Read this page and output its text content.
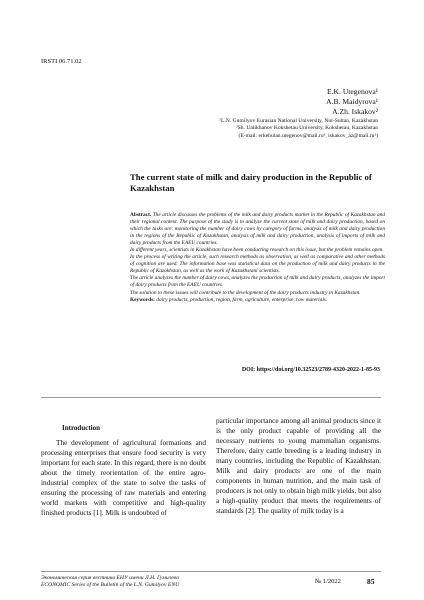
IRSTI 06.71.02
E.K. Utegenova¹
A.B. Maidyrova¹
A.Zh. Iskakov²
¹L.N. Gumilyov Eurasian National University, Nur-Sultan, Kazakhstan
²Sh. Ualikhanov Kokshetau University, Kokshetau, Kazakhstan
(E-mail: erkebulan.utegenov@mail.ru¹, iskakov_az@mail.ru²)
The current state of milk and dairy production in the Republic of Kazakhstan

Abstract. The article discusses the problems of the milk and dairy products market in the Republic of Kazakhstan and their regional context. The purpose of the study is to analyze the current state of milk and dairy production, based on which the tasks are: monitoring the number of dairy cows by category of farms, analysis of milk and dairy production in the regions of the Republic of Kazakhstan, analysis of milk and dairy production, analysis of imports of milk and dairy products from the EAEU countries.

In different years, scientists in Kazakhstan have been conducting research on this issue, but the problem remains open.

In the process of writing the article, such research methods as observation, as well as comparative and other methods of cognition are used. The information base was statistical data on the production of milk and dairy products in the Republic of Kazakhstan, as well as the work of Kazakhstani scientists.

The article analyzes the number of dairy cows, analyzes the production of milk and dairy products, analyzes the import of dairy products from the EAEU countries.

The solution to these issues will contribute to the development of the dairy products industry in Kazakhstan.

Keywords: dairy products, production, region, farm, agriculture, enterprise, raw materials.

DOI: https://doi.org/10.32523/2789-4320-2022-1-85-93
Introduction

The development of agricultural formations and processing enterprises that ensure food security is very important for each state. In this regard, there is no doubt about the timely reorientation of the entire agro-industrial complex of the state to solve the tasks of ensuring the processing of raw materials and entering world markets with competitive and high-quality finished products [1]. Milk is undoubted of

particular importance among all animal products since it is the only product capable of providing all the necessary nutrients to young mammalian organisms. Therefore, dairy cattle breeding is a leading industry in many countries, including the Republic of Kazakhstan. Milk and dairy products are one of the main components in human nutrition, and the main task of producers is not only to obtain high milk yields, but also a high-quality product that meets the requirements of standards [2]. The quality of milk today is a

Экономическая серия вестника ЕНУ имени Л.Н. Гумилева
ECONOMIC Series of the Bulletin of the L.N. Gumilyov ENU	№ 1/2022	85
